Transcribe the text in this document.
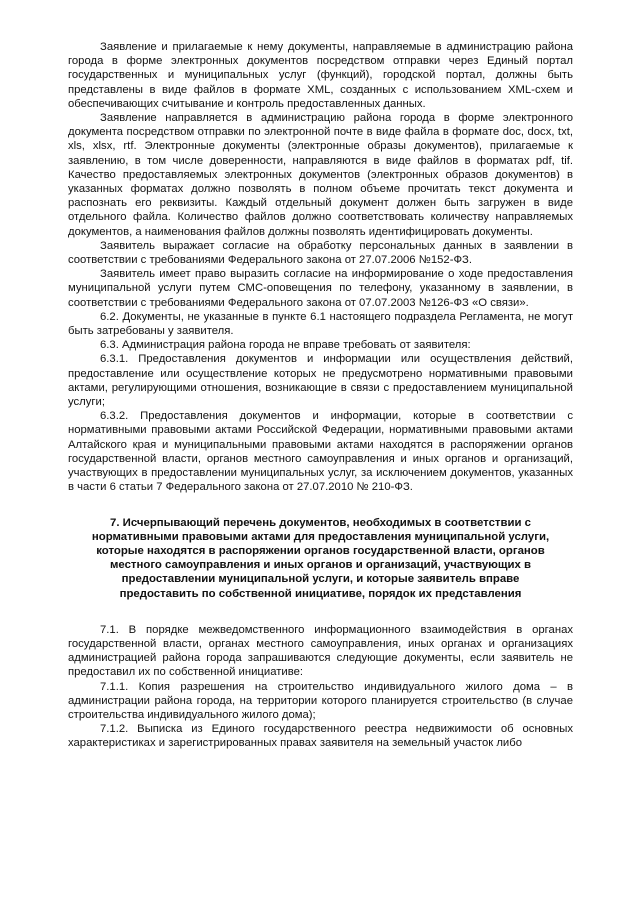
Заявление и прилагаемые к нему документы, направляемые в администрацию района города в форме электронных документов посредством отправки через Единый портал государственных и муниципальных услуг (функций), городской портал, должны быть представлены в виде файлов в формате XML, созданных с использованием XML-схем и обеспечивающих считывание и контроль предоставленных данных.

Заявление направляется в администрацию района города в форме электронного документа посредством отправки по электронной почте в виде файла в формате doc, docx, txt, xls, xlsx, rtf. Электронные документы (электронные образы документов), прилагаемые к заявлению, в том числе доверенности, направляются в виде файлов в форматах pdf, tif. Качество предоставляемых электронных документов (электронных образов документов) в указанных форматах должно позволять в полном объеме прочитать текст документа и распознать его реквизиты. Каждый отдельный документ должен быть загружен в виде отдельного файла. Количество файлов должно соответствовать количеству направляемых документов, а наименования файлов должны позволять идентифицировать документы.

Заявитель выражает согласие на обработку персональных данных в заявлении в соответствии с требованиями Федерального закона от 27.07.2006 №152-ФЗ.

Заявитель имеет право выразить согласие на информирование о ходе предоставления муниципальной услуги путем СМС-оповещения по телефону, указанному в заявлении, в соответствии с требованиями Федерального закона от 07.07.2003 №126-ФЗ «О связи».

6.2. Документы, не указанные в пункте 6.1 настоящего подраздела Регламента, не могут быть затребованы у заявителя.

6.3. Администрация района города не вправе требовать от заявителя:

6.3.1. Предоставления документов и информации или осуществления действий, предоставление или осуществление которых не предусмотрено нормативными правовыми актами, регулирующими отношения, возникающие в связи с предоставлением муниципальной услуги;

6.3.2. Предоставления документов и информации, которые в соответствии с нормативными правовыми актами Российской Федерации, нормативными правовыми актами Алтайского края и муниципальными правовыми актами находятся в распоряжении органов государственной власти, органов местного самоуправления и иных органов и организаций, участвующих в предоставлении муниципальных услуг, за исключением документов, указанных в части 6 статьи 7 Федерального закона от 27.07.2010 № 210-ФЗ.

7. Исчерпывающий перечень документов, необходимых в соответствии с
нормативными правовыми актами для предоставления муниципальной услуги,
которые находятся в распоряжении органов государственной власти, органов
местного самоуправления и иных органов и организаций, участвующих в
предоставлении муниципальной услуги, и которые заявитель вправе
предоставить по собственной инициативе, порядок их представления

7.1. В порядке межведомственного информационного взаимодействия в органах государственной власти, органах местного самоуправления, иных органах и организациях администрацией района города запрашиваются следующие документы, если заявитель не предоставил их по собственной инициативе:

7.1.1. Копия разрешения на строительство индивидуального жилого дома – в администрации района города, на территории которого планируется строительство (в случае строительства индивидуального жилого дома);

7.1.2. Выписка из Единого государственного реестра недвижимости об основных характеристиках и зарегистрированных правах заявителя на земельный участок либо
